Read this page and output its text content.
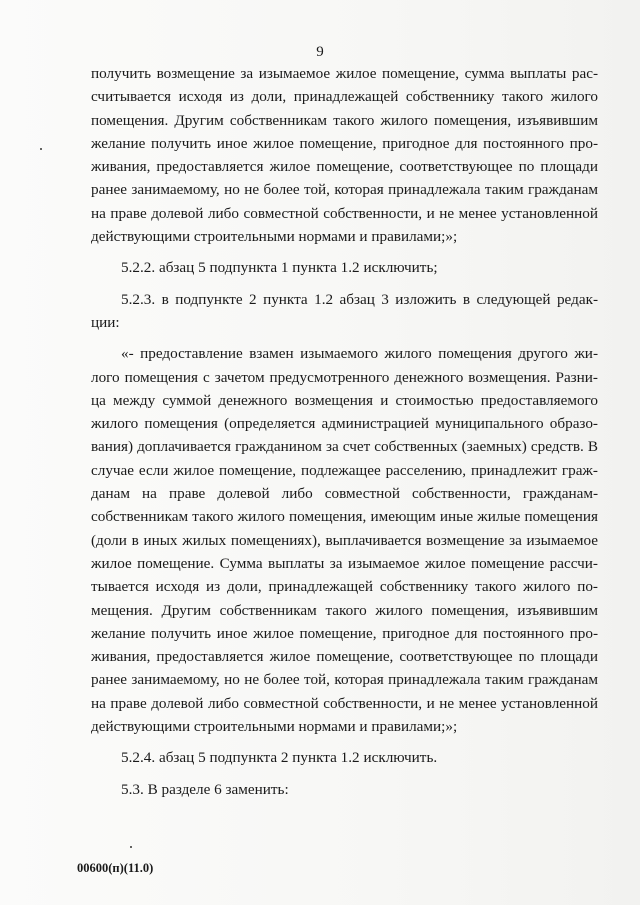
9
получить возмещение за изымаемое жилое помещение, сумма выплаты рас-
считывается исходя из доли, принадлежащей собственнику такого жилого
помещения. Другим собственникам такого жилого помещения, изъявившим
желание получить иное жилое помещение, пригодное для постоянного про-
живания, предоставляется жилое помещение, соответствующее по площади
ранее занимаемому, но не более той, которая принадлежала таким гражданам
на праве долевой либо совместной собственности, и не менее установленной
действующими строительными нормами и правилами;»;
5.2.2. абзац 5 подпункта 1 пункта 1.2 исключить;
5.2.3. в подпункте 2 пункта 1.2 абзац 3 изложить в следующей редак-
ции:
«- предоставление взамен изымаемого жилого помещения другого жи-
лого помещения с зачетом предусмотренного денежного возмещения. Разни-
ца между суммой денежного возмещения и стоимостью предоставляемого
жилого помещения (определяется администрацией муниципального образо-
вания) доплачивается гражданином за счет собственных (заемных) средств. В
случае если жилое помещение, подлежащее расселению, принадлежит граж-
данам на праве долевой либо совместной собственности, гражданам-
собственникам такого жилого помещения, имеющим иные жилые помещения
(доли в иных жилых помещениях), выплачивается возмещение за изымаемое
жилое помещение. Сумма выплаты за изымаемое жилое помещение рассчи-
тывается исходя из доли, принадлежащей собственнику такого жилого по-
мещения. Другим собственникам такого жилого помещения, изъявившим
желание получить иное жилое помещение, пригодное для постоянного про-
живания, предоставляется жилое помещение, соответствующее по площади
ранее занимаемому, но не более той, которая принадлежала таким гражданам
на праве долевой либо совместной собственности, и не менее установленной
действующими строительными нормами и правилами;»;
5.2.4. абзац 5 подпункта 2 пункта 1.2 исключить.
5.3. В разделе 6 заменить:
00600(п)(11.0)
